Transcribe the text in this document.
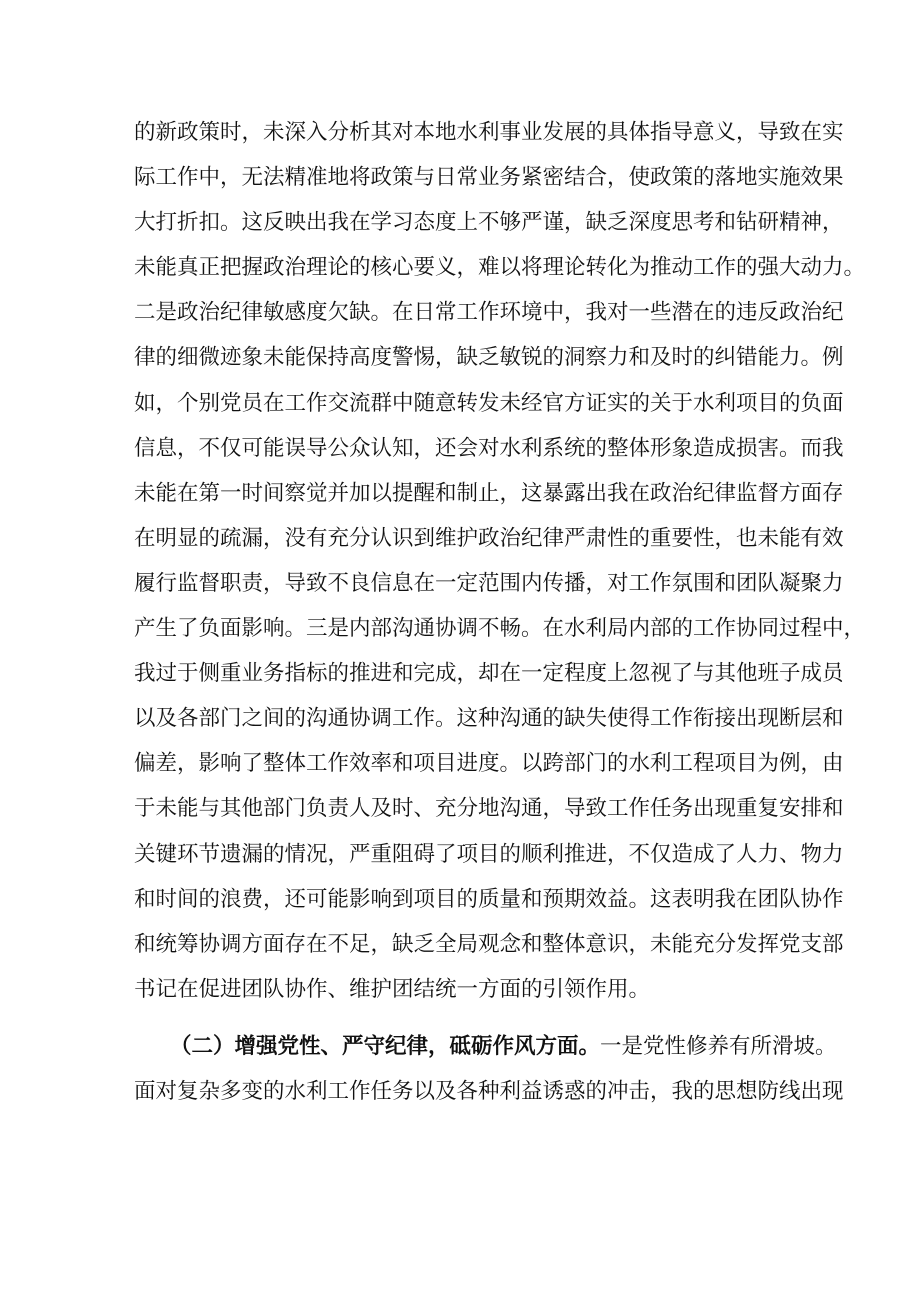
的新政策时，未深入分析其对本地水利事业发展的具体指导意义，导致在实
际工作中，无法精准地将政策与日常业务紧密结合，使政策的落地实施效果
大打折扣。这反映出我在学习态度上不够严谨，缺乏深度思考和钻研精神，
未能真正把握政治理论的核心要义，难以将理论转化为推动工作的强大动力。
二是政治纪律敏感度欠缺。在日常工作环境中，我对一些潜在的违反政治纪
律的细微迹象未能保持高度警惕，缺乏敏锐的洞察力和及时的纠错能力。例
如，个别党员在工作交流群中随意转发未经官方证实的关于水利项目的负面
信息，不仅可能误导公众认知，还会对水利系统的整体形象造成损害。而我
未能在第一时间察觉并加以提醒和制止，这暴露出我在政治纪律监督方面存
在明显的疏漏，没有充分认识到维护政治纪律严肃性的重要性，也未能有效
履行监督职责，导致不良信息在一定范围内传播，对工作氛围和团队凝聚力
产生了负面影响。三是内部沟通协调不畅。在水利局内部的工作协同过程中，
我过于侧重业务指标的推进和完成，却在一定程度上忽视了与其他班子成员
以及各部门之间的沟通协调工作。这种沟通的缺失使得工作衔接出现断层和
偏差，影响了整体工作效率和项目进度。以跨部门的水利工程项目为例，由
于未能与其他部门负责人及时、充分地沟通，导致工作任务出现重复安排和
关键环节遗漏的情况，严重阻碍了项目的顺利推进，不仅造成了人力、物力
和时间的浪费，还可能影响到项目的质量和预期效益。这表明我在团队协作
和统筹协调方面存在不足，缺乏全局观念和整体意识，未能充分发挥党支部
书记在促进团队协作、维护团结统一方面的引领作用。
（二）增强党性、严守纪律，砥砺作风方面。一是党性修养有所滑坡。
面对复杂多变的水利工作任务以及各种利益诱惑的冲击，我的思想防线出现
